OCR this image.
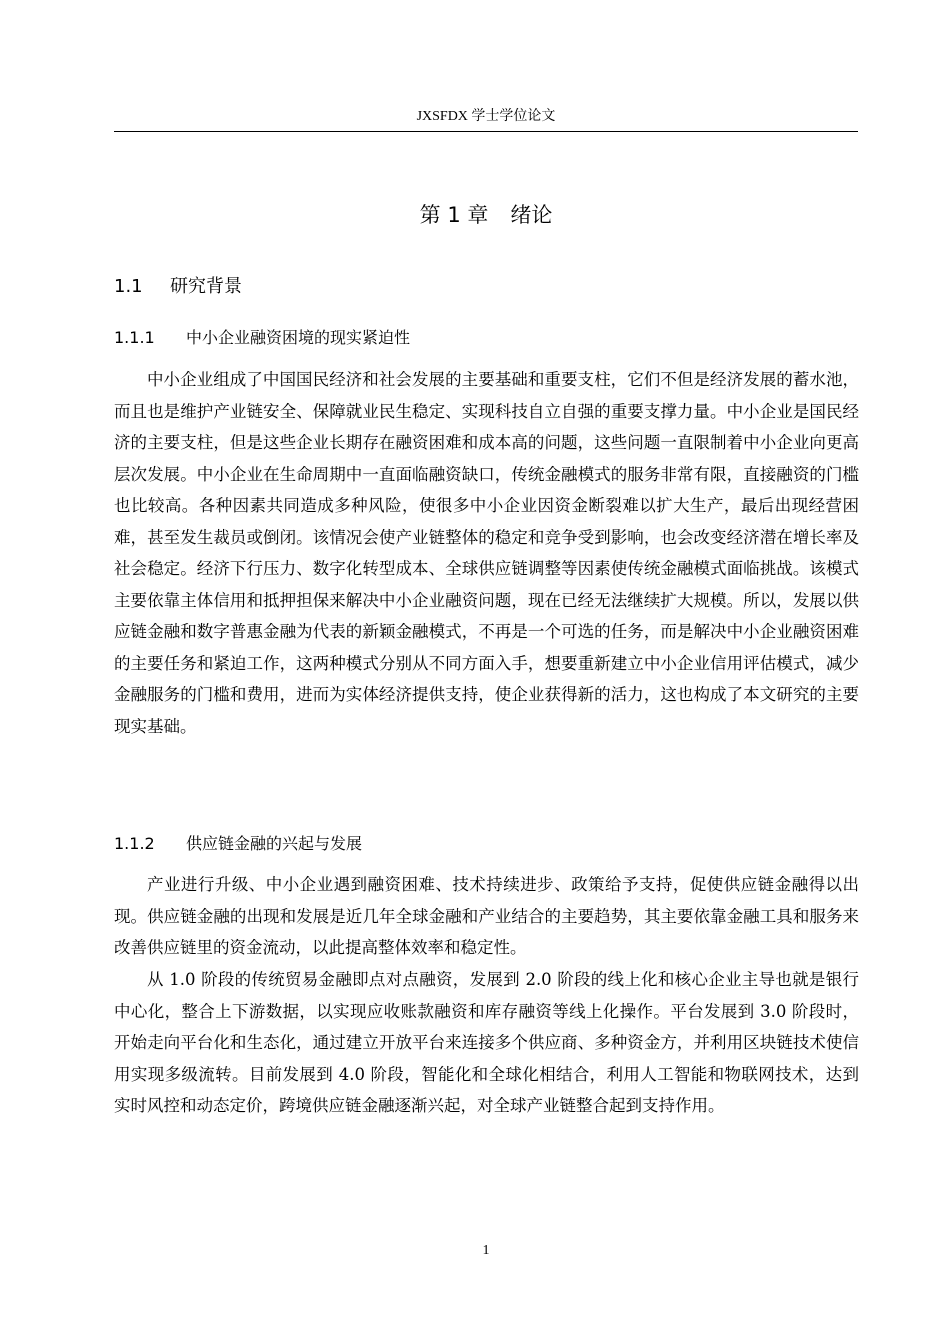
JXSFDX 学士学位论文
第 1 章 绪论
1.1 研究背景
1.1.1 中小企业融资困境的现实紧迫性

中小企业组成了中国国民经济和社会发展的主要基础和重要支柱，它们不但是经济发展的蓄水池，而且也是维护产业链安全、保障就业民生稳定、实现科技自立自强的重要支撑力量。中小企业是国民经济的主要支柱，但是这些企业长期存在融资困难和成本高的问题，这些问题一直限制着中小企业向更高层次发展。中小企业在生命周期中一直面临融资缺口，传统金融模式的服务非常有限，直接融资的门槛也比较高。各种因素共同造成多种风险，使很多中小企业因资金断裂难以扩大生产，最后出现经营困难，甚至发生裁员或倒闭。该情况会使产业链整体的稳定和竞争受到影响，也会改变经济潜在增长率及社会稳定。经济下行压力、数字化转型成本、全球供应链调整等因素使传统金融模式面临挑战。该模式主要依靠主体信用和抵押担保来解决中小企业融资问题，现在已经无法继续扩大规模。所以，发展以供应链金融和数字普惠金融为代表的新颖金融模式，不再是一个可选的任务，而是解决中小企业融资困难的主要任务和紧迫工作，这两种模式分别从不同方面入手，想要重新建立中小企业信用评估模式，减少金融服务的门槛和费用，进而为实体经济提供支持，使企业获得新的活力，这也构成了本文研究的主要现实基础。

1.1.2 供应链金融的兴起与发展

产业进行升级、中小企业遇到融资困难、技术持续进步、政策给予支持，促使供应链金融得以出现。供应链金融的出现和发展是近几年全球金融和产业结合的主要趋势，其主要依靠金融工具和服务来改善供应链里的资金流动，以此提高整体效率和稳定性。

从 1.0 阶段的传统贸易金融即点对点融资，发展到 2.0 阶段的线上化和核心企业主导也就是银行中心化，整合上下游数据，以实现应收账款融资和库存融资等线上化操作。平台发展到 3.0 阶段时，开始走向平台化和生态化，通过建立开放平台来连接多个供应商、多种资金方，并利用区块链技术使信用实现多级流转。目前发展到 4.0 阶段，智能化和全球化相结合，利用人工智能和物联网技术，达到实时风控和动态定价，跨境供应链金融逐渐兴起，对全球产业链整合起到支持作用。

1
